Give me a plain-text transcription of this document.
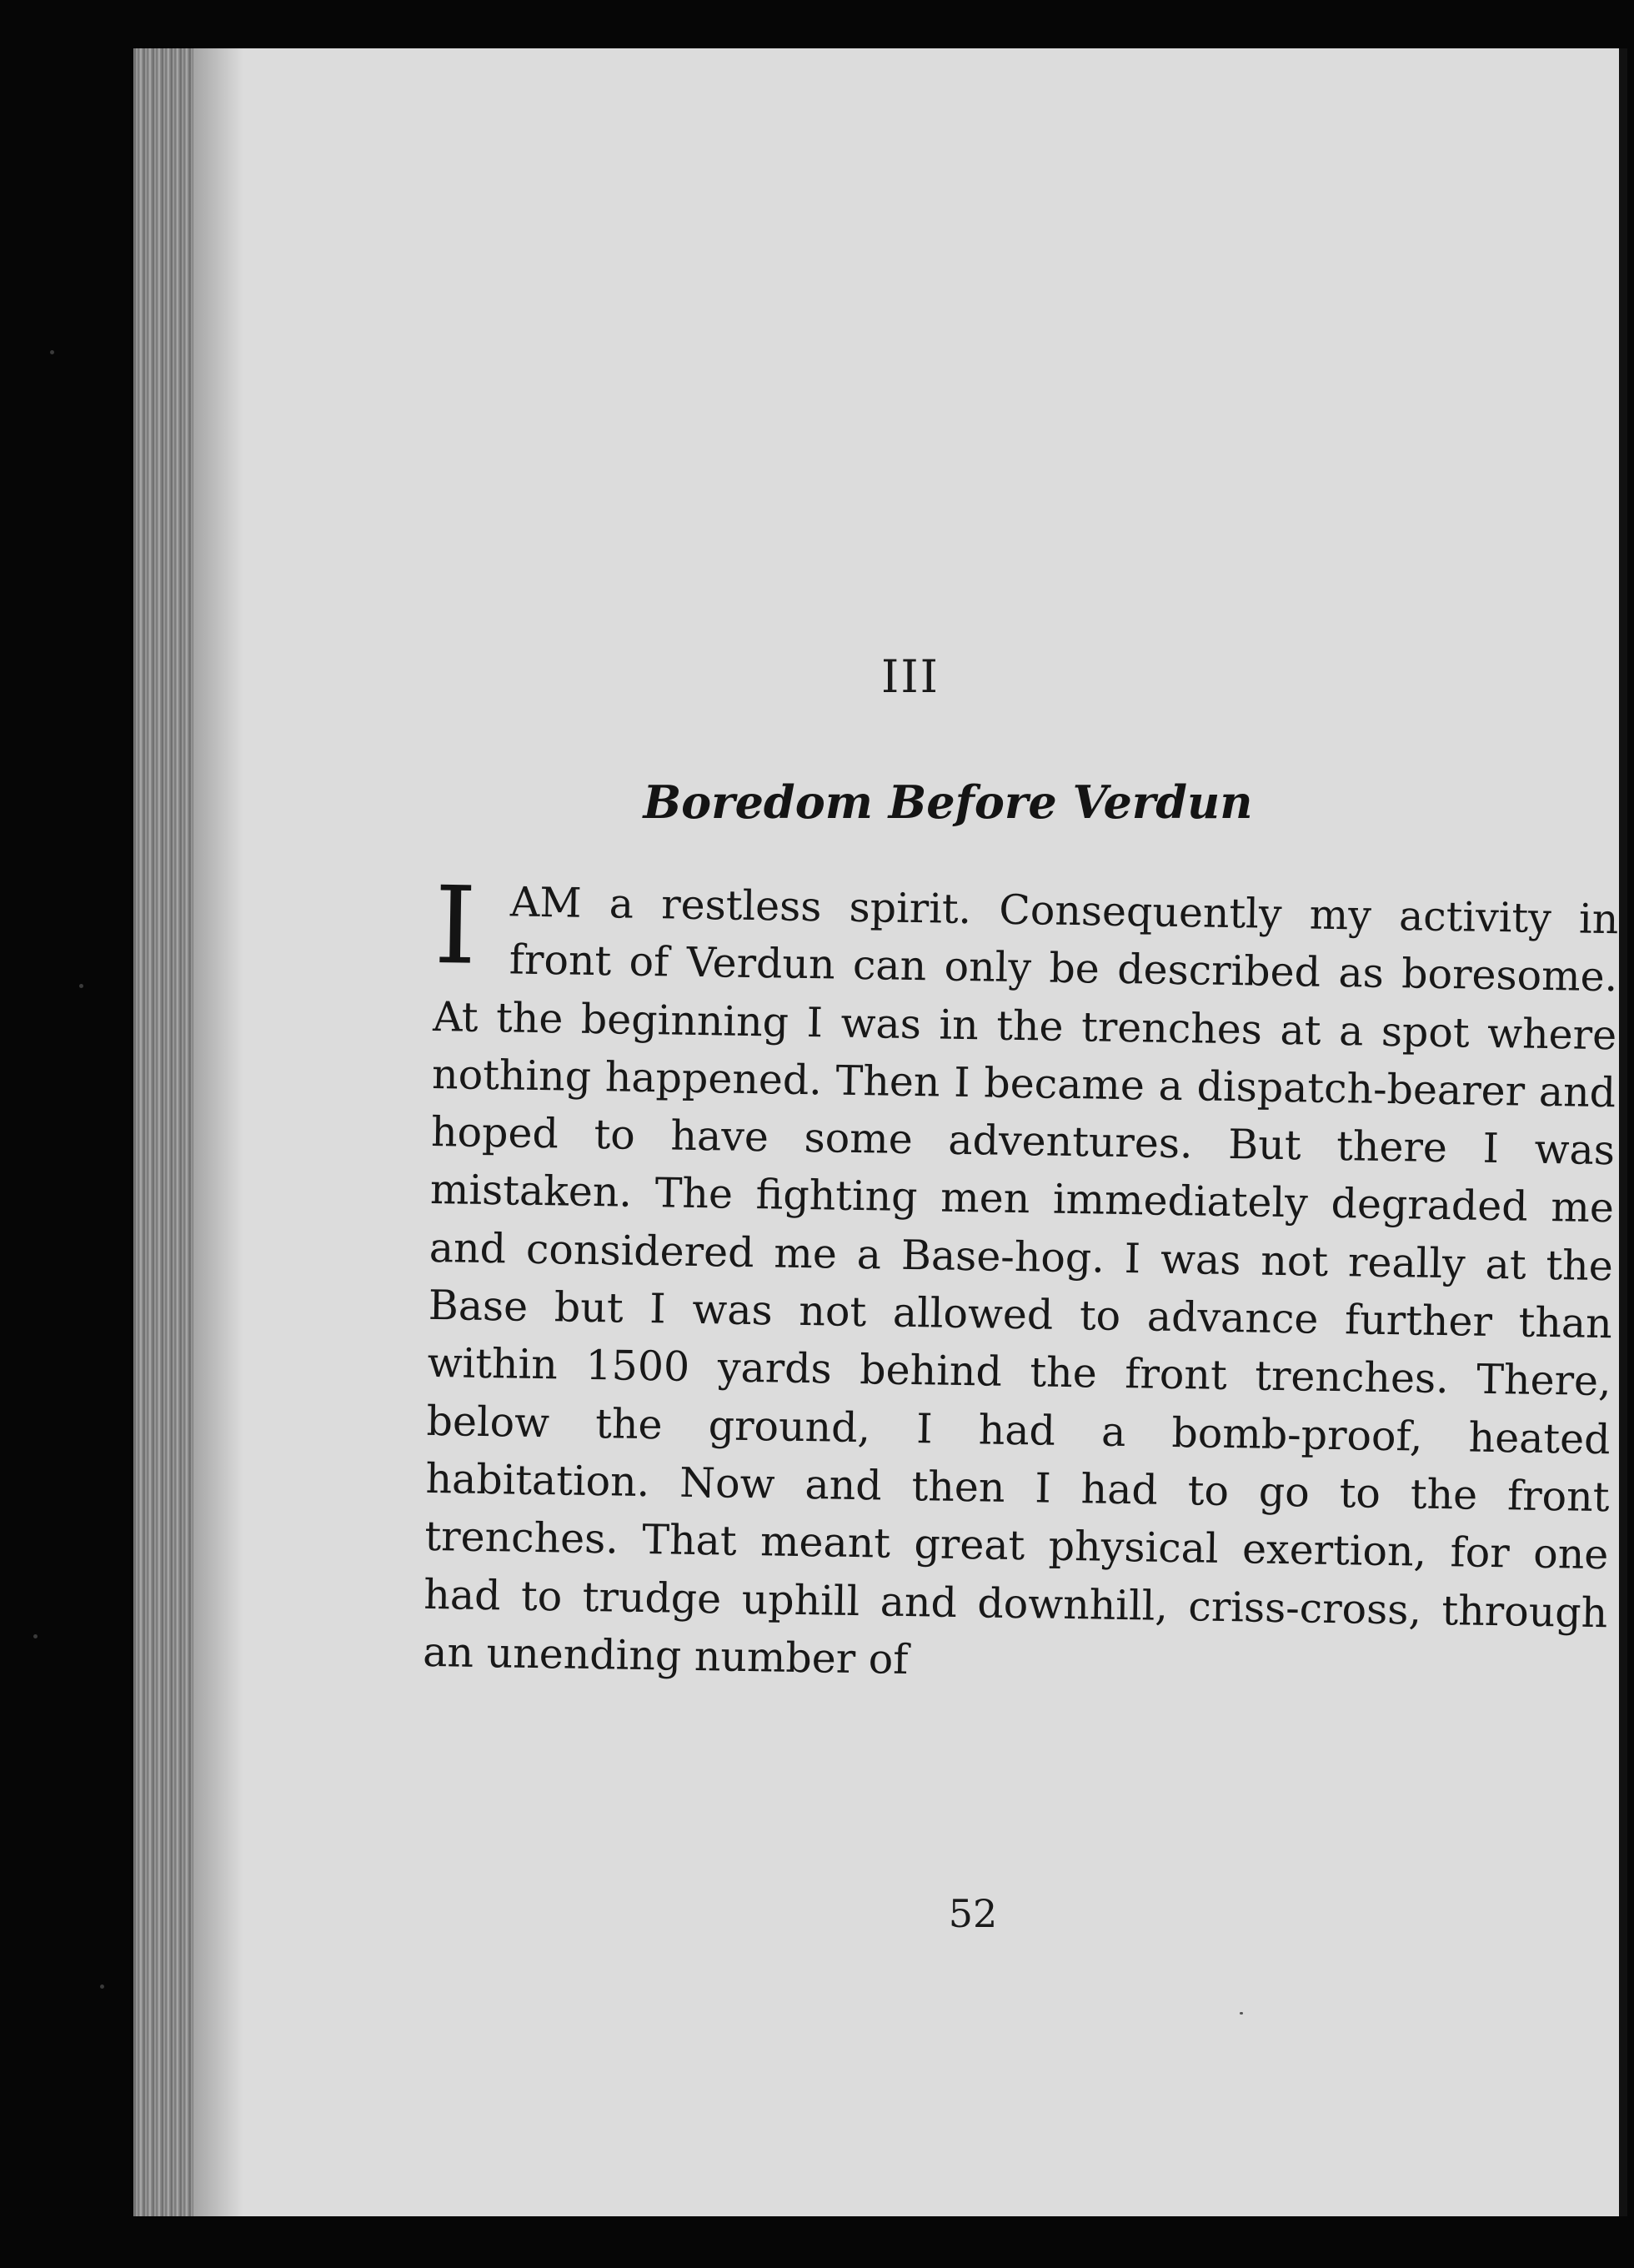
III
Boredom Before Verdun

IAM a restless spirit. Consequently my activity in front of Verdun can only be described as boresome. At the beginning I was in the trenches at a spot where nothing happened. Then I became a dispatch-bearer and hoped to have some adventures. But there I was mistaken. The fighting men immediately degraded me and considered me a Base-hog. I was not really at the Base but I was not allowed to advance further than within 1500 yards behind the front trenches. There, below the ground, I had a bomb-proof, heated habitation. Now and then I had to go to the front trenches. That meant great physical exertion, for one had to trudge uphill and downhill, criss-cross, through an unending number of

52
